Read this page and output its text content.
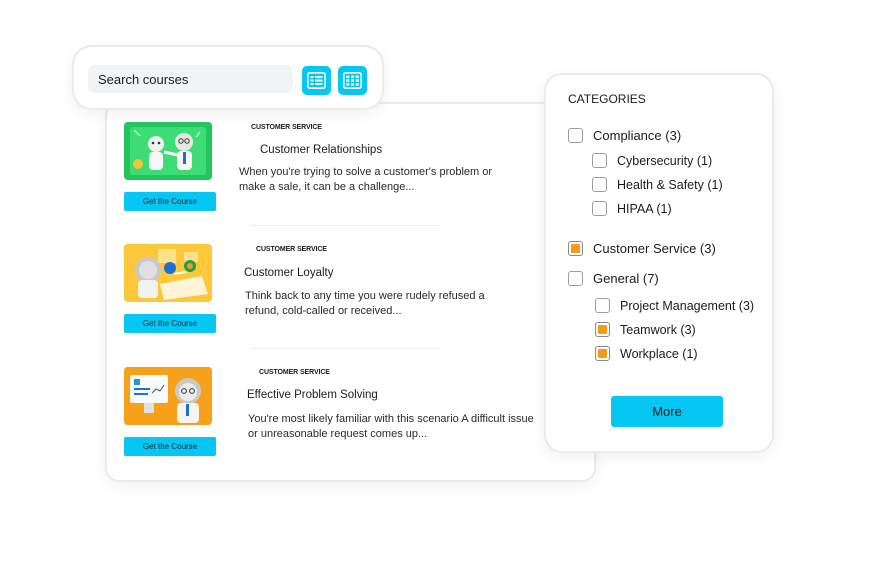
Get the Course
CUSTOMER SERVICE
Customer Relationships
When you're trying to solve a customer's problem or make a sale, it can be a challenge...
Get the Course
CUSTOMER SERVICE
Customer Loyalty
Think back to any time you were rudely refused a refund, cold-called or received...
Get the Course
CUSTOMER SERVICE
Effective Problem Solving
You're most likely familiar with this scenario A difficult issue or unreasonable request comes up...
Search courses
CATEGORIES
Compliance (3)
Cybersecurity (1)
Health & Safety (1)
HIPAA (1)
Customer Service (3)
General (7)
Project Management (3)
Teamwork (3)
Workplace (1)
More
